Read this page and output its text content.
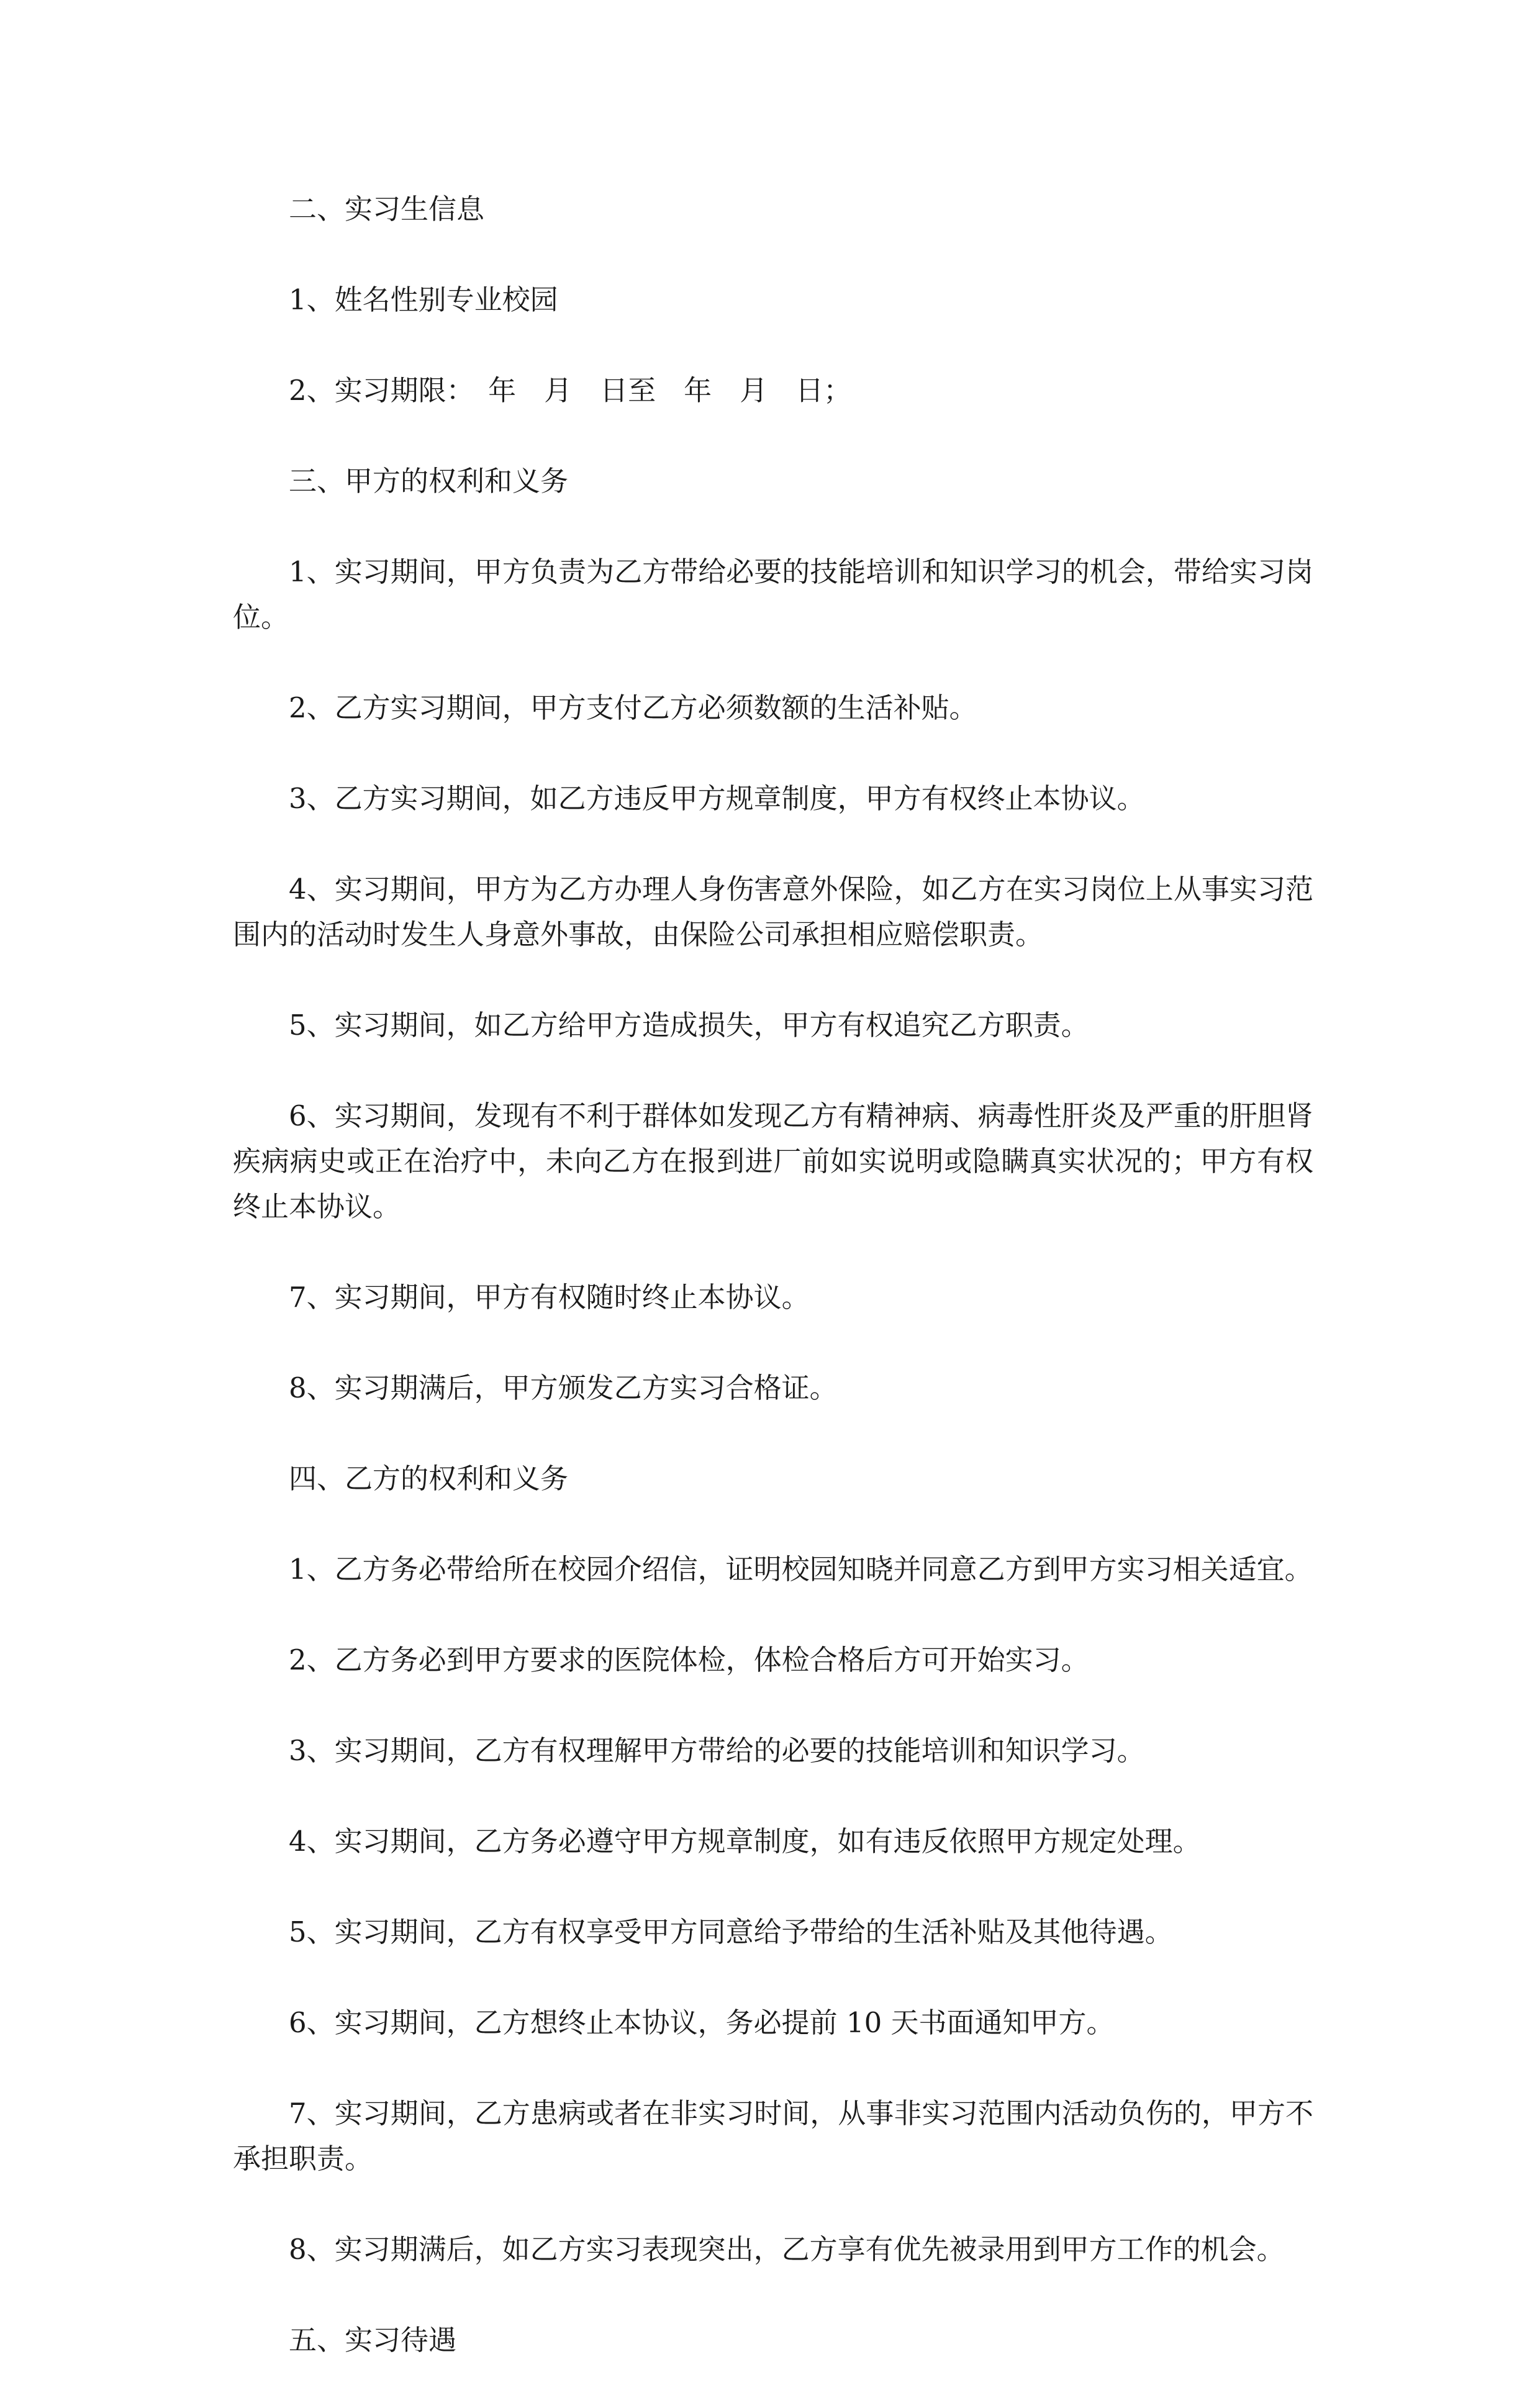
二、实习生信息

1、姓名性别专业校园

2、实习期限：　年　月　日至　年　月　日；

三、甲方的权利和义务

1、实习期间，甲方负责为乙方带给必要的技能培训和知识学习的机会，带给实习岗位。

2、乙方实习期间，甲方支付乙方必须数额的生活补贴。

3、乙方实习期间，如乙方违反甲方规章制度，甲方有权终止本协议。

4、实习期间，甲方为乙方办理人身伤害意外保险，如乙方在实习岗位上从事实习范围内的活动时发生人身意外事故，由保险公司承担相应赔偿职责。

5、实习期间，如乙方给甲方造成损失，甲方有权追究乙方职责。

6、实习期间，发现有不利于群体如发现乙方有精神病、病毒性肝炎及严重的肝胆肾疾病病史或正在治疗中，未向乙方在报到进厂前如实说明或隐瞒真实状况的；甲方有权终止本协议。

7、实习期间，甲方有权随时终止本协议。

8、实习期满后，甲方颁发乙方实习合格证。

四、乙方的权利和义务

1、乙方务必带给所在校园介绍信，证明校园知晓并同意乙方到甲方实习相关适宜。

2、乙方务必到甲方要求的医院体检，体检合格后方可开始实习。

3、实习期间，乙方有权理解甲方带给的必要的技能培训和知识学习。

4、实习期间，乙方务必遵守甲方规章制度，如有违反依照甲方规定处理。

5、实习期间，乙方有权享受甲方同意给予带给的生活补贴及其他待遇。

6、实习期间，乙方想终止本协议，务必提前 10 天书面通知甲方。

7、实习期间，乙方患病或者在非实习时间，从事非实习范围内活动负伤的，甲方不承担职责。

8、实习期满后，如乙方实习表现突出，乙方享有优先被录用到甲方工作的机会。

五、实习待遇
